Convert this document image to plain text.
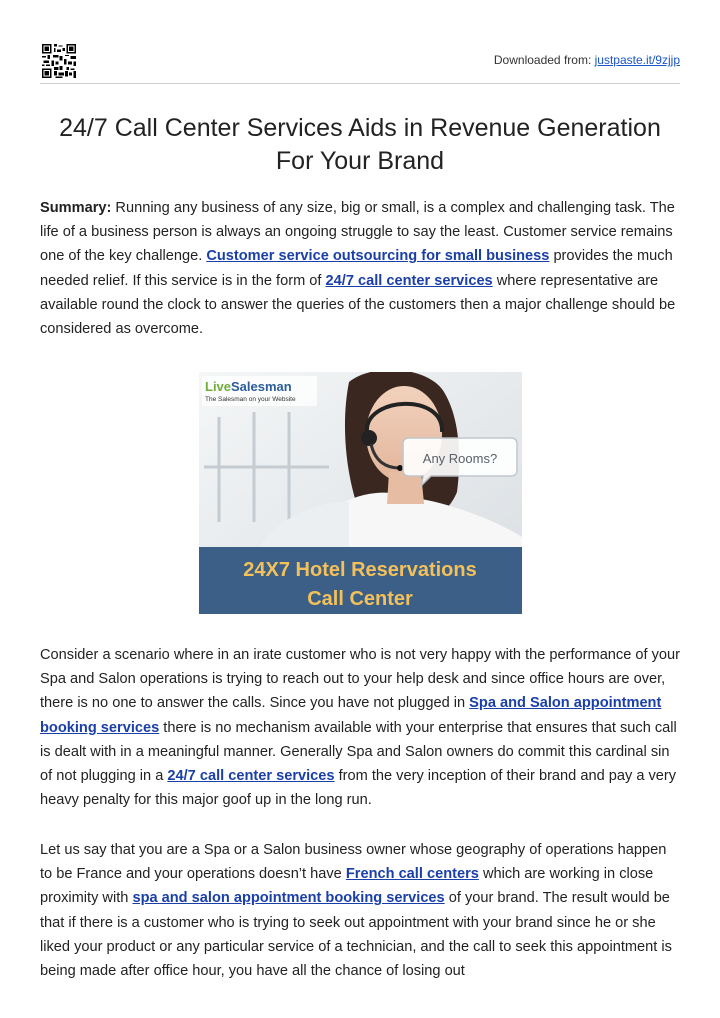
Downloaded from: justpaste.it/9zjjp
24/7 Call Center Services Aids in Revenue Generation For Your Brand

Summary: Running any business of any size, big or small, is a complex and challenging task. The life of a business person is always an ongoing struggle to say the least. Customer service remains one of the key challenge. Customer service outsourcing for small business provides the much needed relief. If this service is in the form of 24/7 call center services where representative are available round the clock to answer the queries of the customers then a major challenge should be considered as overcome.

Any Rooms?
LiveSalesman
The Salesman on your Website
24X7 Hotel Reservations
Call Center

Consider a scenario where in an irate customer who is not very happy with the performance of your Spa and Salon operations is trying to reach out to your help desk and since office hours are over, there is no one to answer the calls. Since you have not plugged in Spa and Salon appointment booking services there is no mechanism available with your enterprise that ensures that such call is dealt with in a meaningful manner. Generally Spa and Salon owners do commit this cardinal sin of not plugging in a 24/7 call center services from the very inception of their brand and pay a very heavy penalty for this major goof up in the long run.

Let us say that you are a Spa or a Salon business owner whose geography of operations happen to be France and your operations doesn’t have French call centers which are working in close proximity with spa and salon appointment booking services of your brand. The result would be that if there is a customer who is trying to seek out appointment with your brand since he or she liked your product or any particular service of a technician, and the call to seek this appointment is being made after office hour, you have all the chance of losing out
